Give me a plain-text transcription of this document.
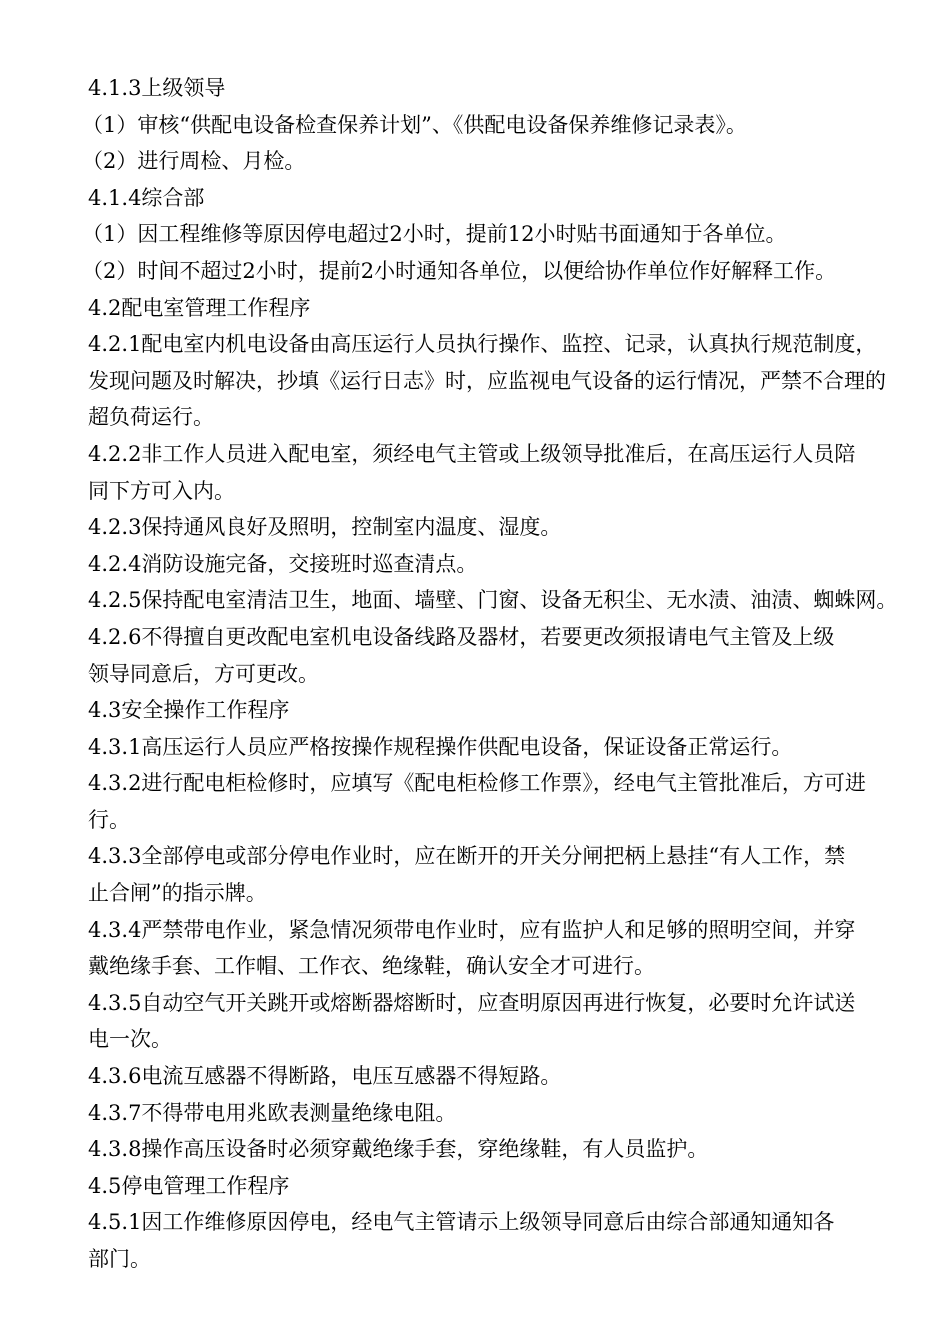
4.1.3上级领导
（1）审核“供配电设备检查保养计划”、《供配电设备保养维修记录表》。
（2）进行周检、月检。
4.1.4综合部
（1）因工程维修等原因停电超过2小时，提前12小时贴书面通知于各单位。
（2）时间不超过2小时，提前2小时通知各单位，以便给协作单位作好解释工作。
4.2配电室管理工作程序
4.2.1配电室内机电设备由高压运行人员执行操作、监控、记录，认真执行规范制度，
发现问题及时解决，抄填《运行日志》时，应监视电气设备的运行情况，严禁不合理的
超负荷运行。
4.2.2非工作人员进入配电室，须经电气主管或上级领导批准后，在高压运行人员陪
同下方可入内。
4.2.3保持通风良好及照明，控制室内温度、湿度。
4.2.4消防设施完备，交接班时巡查清点。
4.2.5保持配电室清洁卫生，地面、墙壁、门窗、设备无积尘、无水渍、油渍、蜘蛛网。
4.2.6不得擅自更改配电室机电设备线路及器材，若要更改须报请电气主管及上级
领导同意后，方可更改。
4.3安全操作工作程序
4.3.1高压运行人员应严格按操作规程操作供配电设备，保证设备正常运行。
4.3.2进行配电柜检修时，应填写《配电柜检修工作票》，经电气主管批准后，方可进
行。
4.3.3全部停电或部分停电作业时，应在断开的开关分闸把柄上悬挂“有人工作，禁
止合闸”的指示牌。
4.3.4严禁带电作业，紧急情况须带电作业时，应有监护人和足够的照明空间，并穿
戴绝缘手套、工作帽、工作衣、绝缘鞋，确认安全才可进行。
4.3.5自动空气开关跳开或熔断器熔断时，应查明原因再进行恢复，必要时允许试送
电一次。
4.3.6电流互感器不得断路，电压互感器不得短路。
4.3.7不得带电用兆欧表测量绝缘电阻。
4.3.8操作高压设备时必须穿戴绝缘手套，穿绝缘鞋，有人员监护。
4.5停电管理工作程序
4.5.1因工作维修原因停电，经电气主管请示上级领导同意后由综合部通知通知各
部门。
